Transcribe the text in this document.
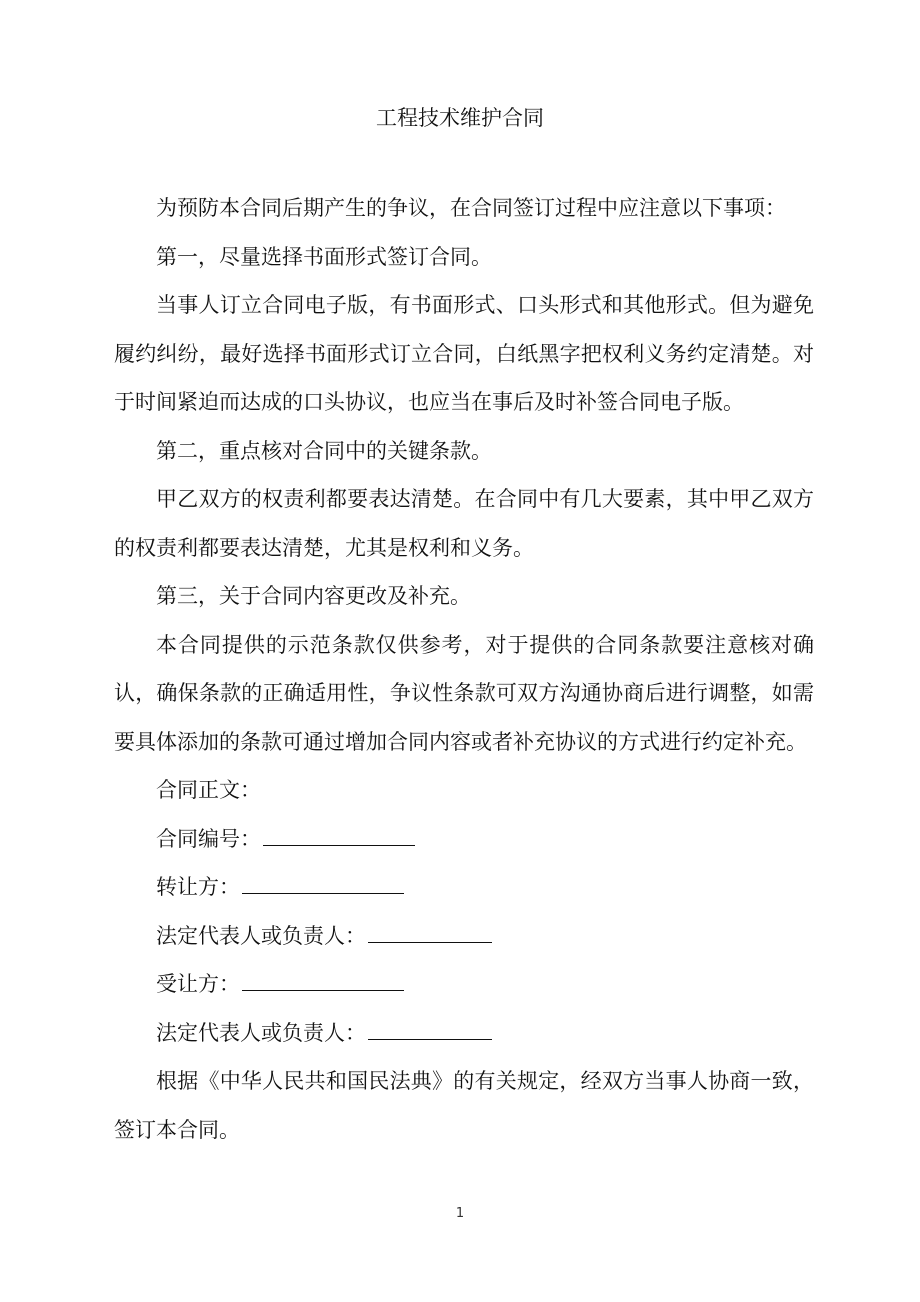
工程技术维护合同

为预防本合同后期产生的争议，在合同签订过程中应注意以下事项：

第一，尽量选择书面形式签订合同。

当事人订立合同电子版，有书面形式、口头形式和其他形式。但为避免履约纠纷，最好选择书面形式订立合同，白纸黑字把权利义务约定清楚。对于时间紧迫而达成的口头协议，也应当在事后及时补签合同电子版。

第二，重点核对合同中的关键条款。

甲乙双方的权责利都要表达清楚。在合同中有几大要素，其中甲乙双方的权责利都要表达清楚，尤其是权利和义务。

第三，关于合同内容更改及补充。

本合同提供的示范条款仅供参考，对于提供的合同条款要注意核对确认，确保条款的正确适用性，争议性条款可双方沟通协商后进行调整，如需要具体添加的条款可通过增加合同内容或者补充协议的方式进行约定补充。

合同正文：

合同编号：

转让方：

法定代表人或负责人：

受让方：

法定代表人或负责人：

根据《中华人民共和国民法典》的有关规定，经双方当事人协商一致，签订本合同。

1
